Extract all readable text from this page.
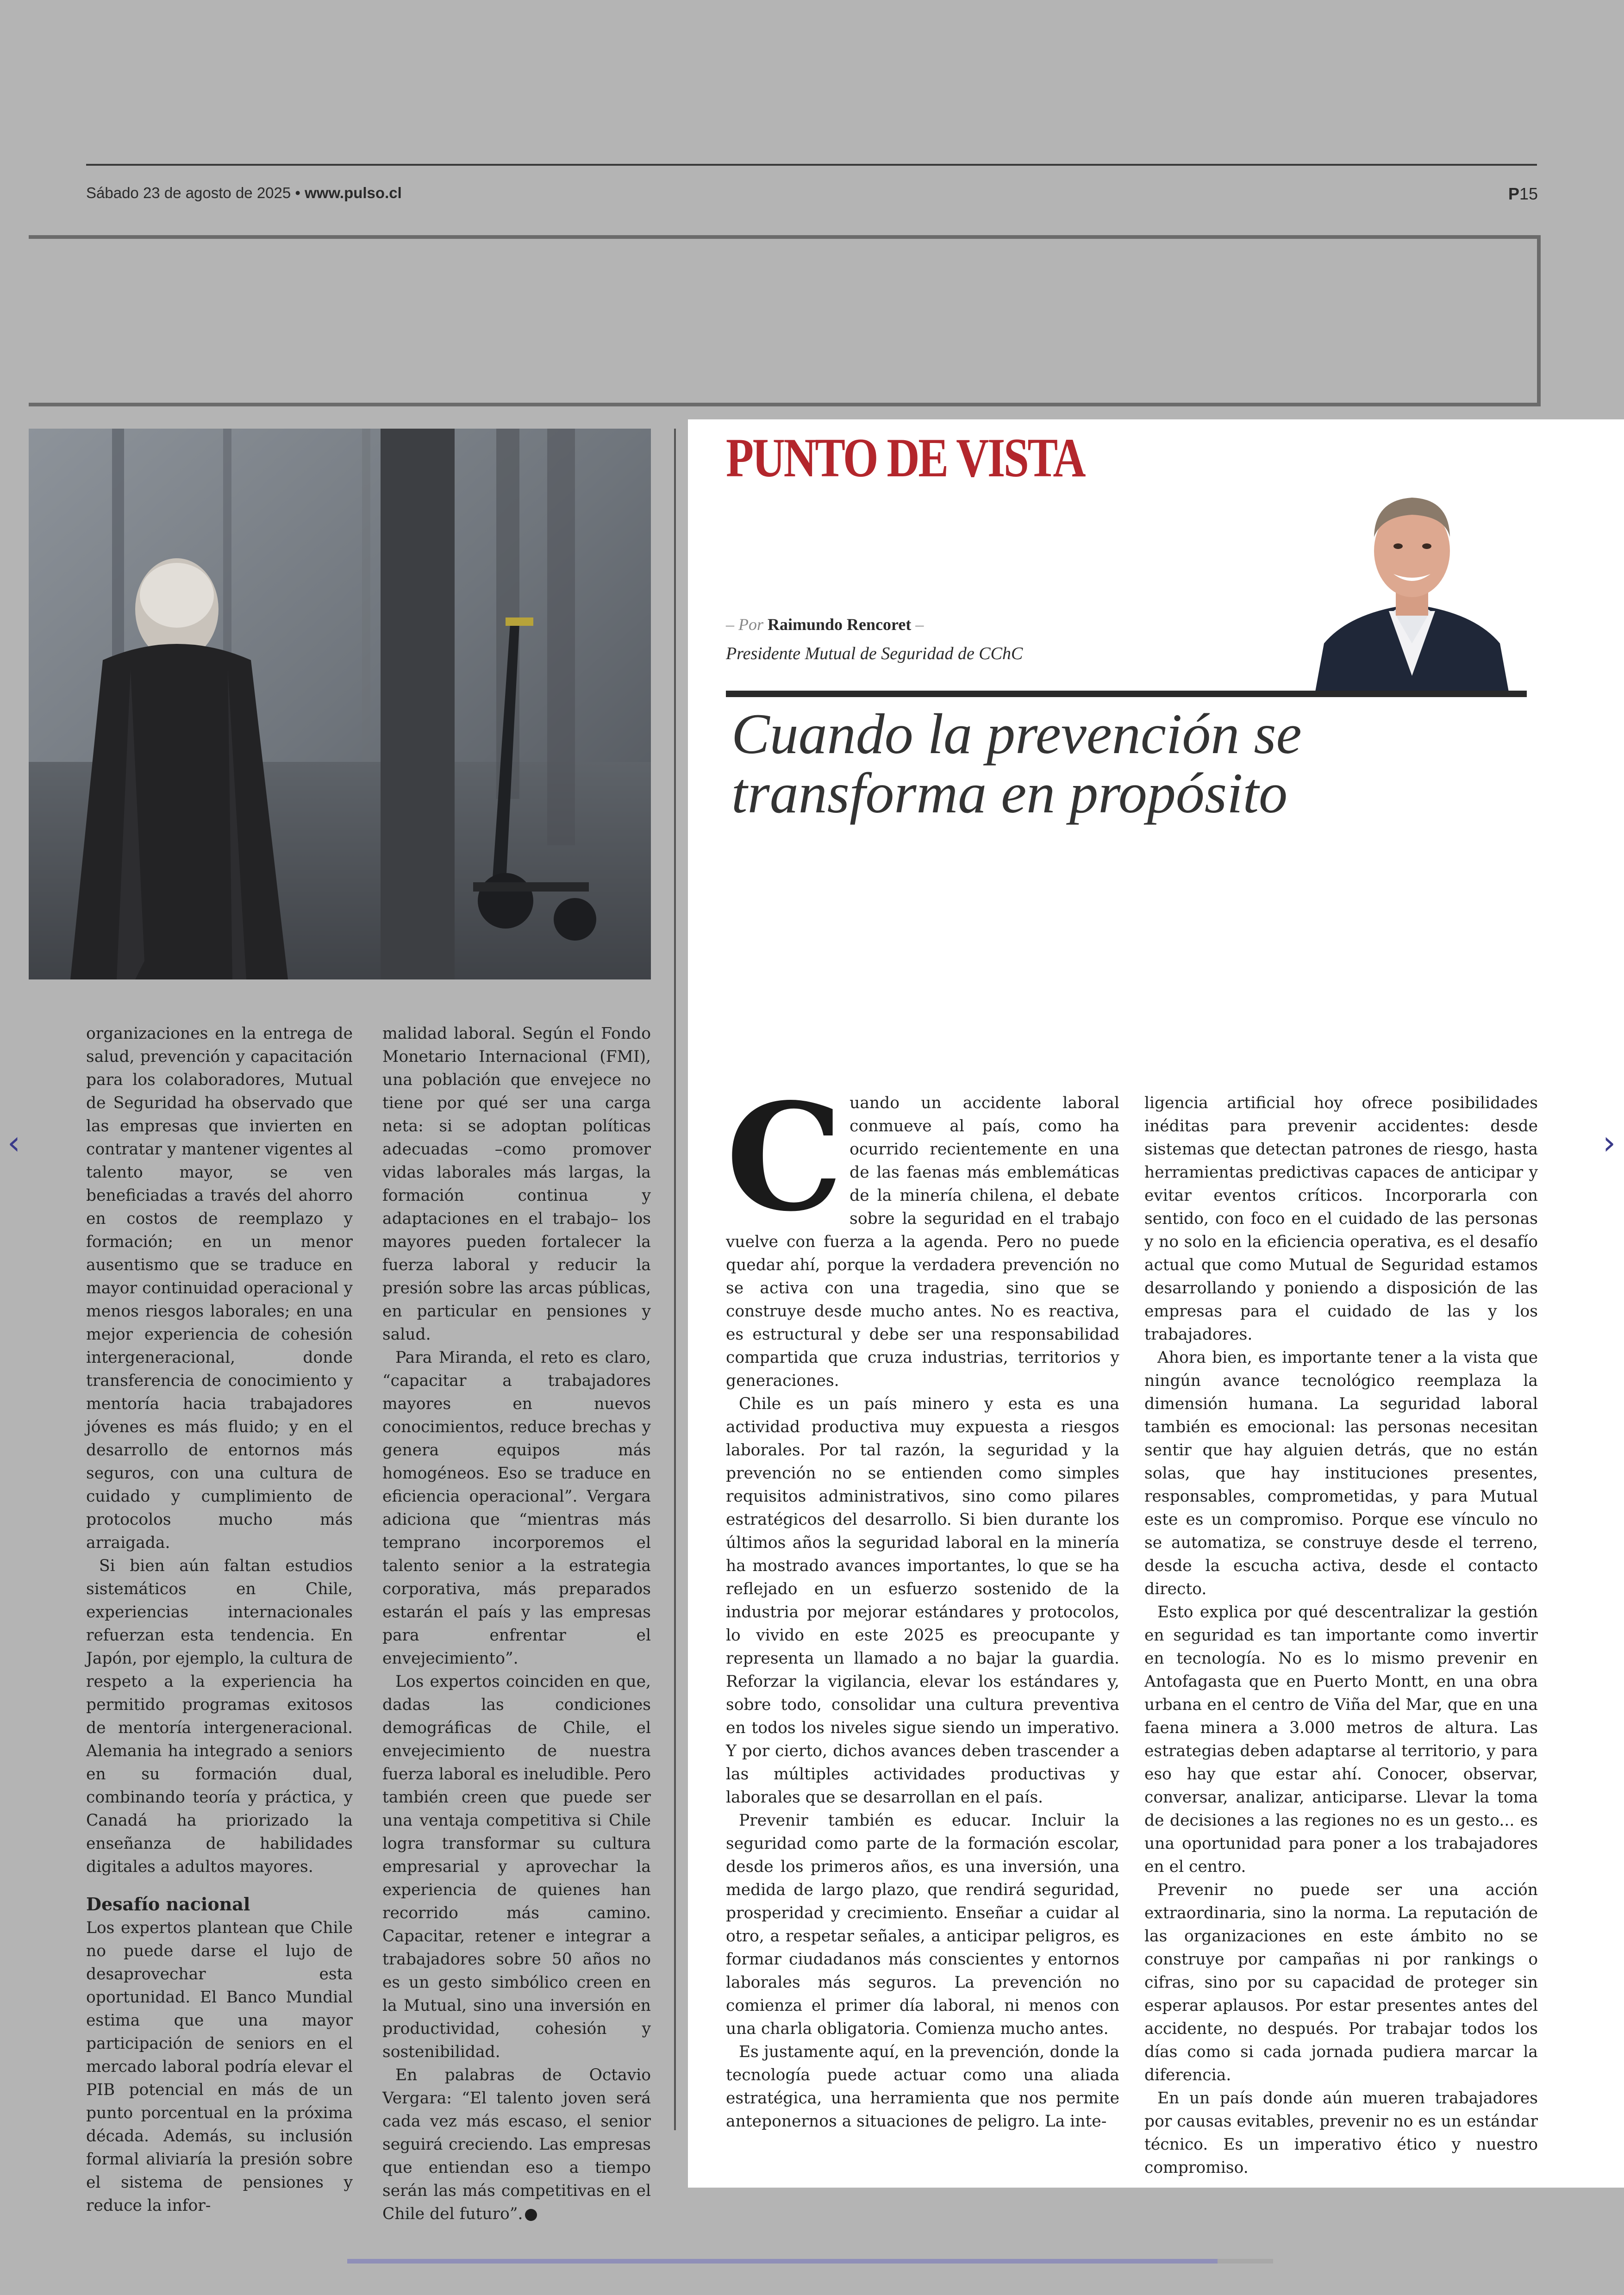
Sábado 23 de agosto de 2025 • www.pulso.cl	P15
PUNTO DE VISTA
– Por Raimundo Rencoret –
Presidente Mutual de Seguridad de CChC
Cuando la prevención se transforma en propósito

organizaciones en la entrega de salud, prevención y capacitación para los colaboradores, Mutual de Seguridad ha observado que las empresas que invierten en contratar y mantener vigentes al talento mayor, se ven beneficiadas a través del ahorro en costos de reemplazo y formación; en un menor ausentismo que se traduce en mayor continuidad operacional y menos riesgos laborales; en una mejor experiencia de cohesión intergeneracional, donde transferencia de conocimiento y mentoría hacia trabajadores jóvenes es más fluido; y en el desarrollo de entornos más seguros, con una cultura de cuidado y cumplimiento de protocolos mucho más arraigada.

Si bien aún faltan estudios sistemáticos en Chile, experiencias internacionales refuerzan esta tendencia. En Japón, por ejemplo, la cultura de respeto a la experiencia ha permitido programas exitosos de mentoría intergeneracional. Alemania ha integrado a seniors en su formación dual, combinando teoría y práctica, y Canadá ha priorizado la enseñanza de habilidades digitales a adultos mayores.

Desafío nacional

Los expertos plantean que Chile no puede darse el lujo de desaprovechar esta oportunidad. El Banco Mundial estima que una mayor participación de seniors en el mercado laboral podría elevar el PIB potencial en más de un punto porcentual en la próxima década. Además, su inclusión formal aliviaría la presión sobre el sistema de pensiones y reduce la infor-

malidad laboral. Según el Fondo Monetario Internacional (FMI), una población que envejece no tiene por qué ser una carga neta: si se adoptan políticas adecuadas –como promover vidas laborales más largas, la formación continua y adaptaciones en el trabajo– los mayores pueden fortalecer la fuerza laboral y reducir la presión sobre las arcas públicas, en particular en pensiones y salud.

Para Miranda, el reto es claro, “capacitar a trabajadores mayores en nuevos conocimientos, reduce brechas y genera equipos más homogéneos. Eso se traduce en eficiencia operacional”. Vergara adiciona que “mientras más temprano incorporemos el talento senior a la estrategia corporativa, más preparados estarán el país y las empresas para enfrentar el envejecimiento”.

Los expertos coinciden en que, dadas las condiciones demográficas de Chile, el envejecimiento de nuestra fuerza laboral es ineludible. Pero también creen que puede ser una ventaja competitiva si Chile logra transformar su cultura empresarial y aprovechar la experiencia de quienes han recorrido más camino. Capacitar, retener e integrar a trabajadores sobre 50 años no es un gesto simbólico creen en la Mutual, sino una inversión en productividad, cohesión y sostenibilidad.

En palabras de Octavio Vergara: “El talento joven será cada vez más escaso, el senior seguirá creciendo. Las empresas que entiendan eso a tiempo serán las más competitivas en el Chile del futuro”.

C uando un accidente laboral conmueve al país, como ha ocurrido recientemente en una de las faenas más emblemáticas de la minería chilena, el debate sobre la seguridad en el trabajo vuelve con fuerza a la agenda. Pero no puede quedar ahí, porque la verdadera prevención no se activa con una tragedia, sino que se construye desde mucho antes. No es reactiva, es estructural y debe ser una responsabilidad compartida que cruza industrias, territorios y generaciones.

Chile es un país minero y esta es una actividad productiva muy expuesta a riesgos laborales. Por tal razón, la seguridad y la prevención no se entienden como simples requisitos administrativos, sino como pilares estratégicos del desarrollo. Si bien durante los últimos años la seguridad laboral en la minería ha mostrado avances importantes, lo que se ha reflejado en un esfuerzo sostenido de la industria por mejorar estándares y protocolos, lo vivido en este 2025 es preocupante y representa un llamado a no bajar la guardia. Reforzar la vigilancia, elevar los estándares y, sobre todo, consolidar una cultura preventiva en todos los niveles sigue siendo un imperativo. Y por cierto, dichos avances deben trascender a las múltiples actividades productivas y laborales que se desarrollan en el país.

Prevenir también es educar. Incluir la seguridad como parte de la formación escolar, desde los primeros años, es una inversión, una medida de largo plazo, que rendirá seguridad, prosperidad y crecimiento. Enseñar a cuidar al otro, a respetar señales, a anticipar peligros, es formar ciudadanos más conscientes y entornos laborales más seguros. La prevención no comienza el primer día laboral, ni menos con una charla obligatoria. Comienza mucho antes.

Es justamente aquí, en la prevención, donde la tecnología puede actuar como una aliada estratégica, una herramienta que nos permite anteponernos a situaciones de peligro. La inte-

ligencia artificial hoy ofrece posibilidades inéditas para prevenir accidentes: desde sistemas que detectan patrones de riesgo, hasta herramientas predictivas capaces de anticipar y evitar eventos críticos. Incorporarla con sentido, con foco en el cuidado de las personas y no solo en la eficiencia operativa, es el desafío actual que como Mutual de Seguridad estamos desarrollando y poniendo a disposición de las empresas para el cuidado de las y los trabajadores.

Ahora bien, es importante tener a la vista que ningún avance tecnológico reemplaza la dimensión humana. La seguridad laboral también es emocional: las personas necesitan sentir que hay alguien detrás, que no están solas, que hay instituciones presentes, responsables, comprometidas, y para Mutual este es un compromiso. Porque ese vínculo no se automatiza, se construye desde el terreno, desde la escucha activa, desde el contacto directo.

Esto explica por qué descentralizar la gestión en seguridad es tan importante como invertir en tecnología. No es lo mismo prevenir en Antofagasta que en Puerto Montt, en una obra urbana en el centro de Viña del Mar, que en una faena minera a 3.000 metros de altura. Las estrategias deben adaptarse al territorio, y para eso hay que estar ahí. Conocer, observar, conversar, analizar, anticiparse. Llevar la toma de decisiones a las regiones no es un gesto... es una oportunidad para poner a los trabajadores en el centro.

Prevenir no puede ser una acción extraordinaria, sino la norma. La reputación de las organizaciones en este ámbito no se construye por campañas ni por rankings o cifras, sino por su capacidad de proteger sin esperar aplausos. Por estar presentes antes del accidente, no después. Por trabajar todos los días como si cada jornada pudiera marcar la diferencia.

En un país donde aún mueren trabajadores por causas evitables, prevenir no es un estándar técnico. Es un imperativo ético y nuestro compromiso.

‹	›
